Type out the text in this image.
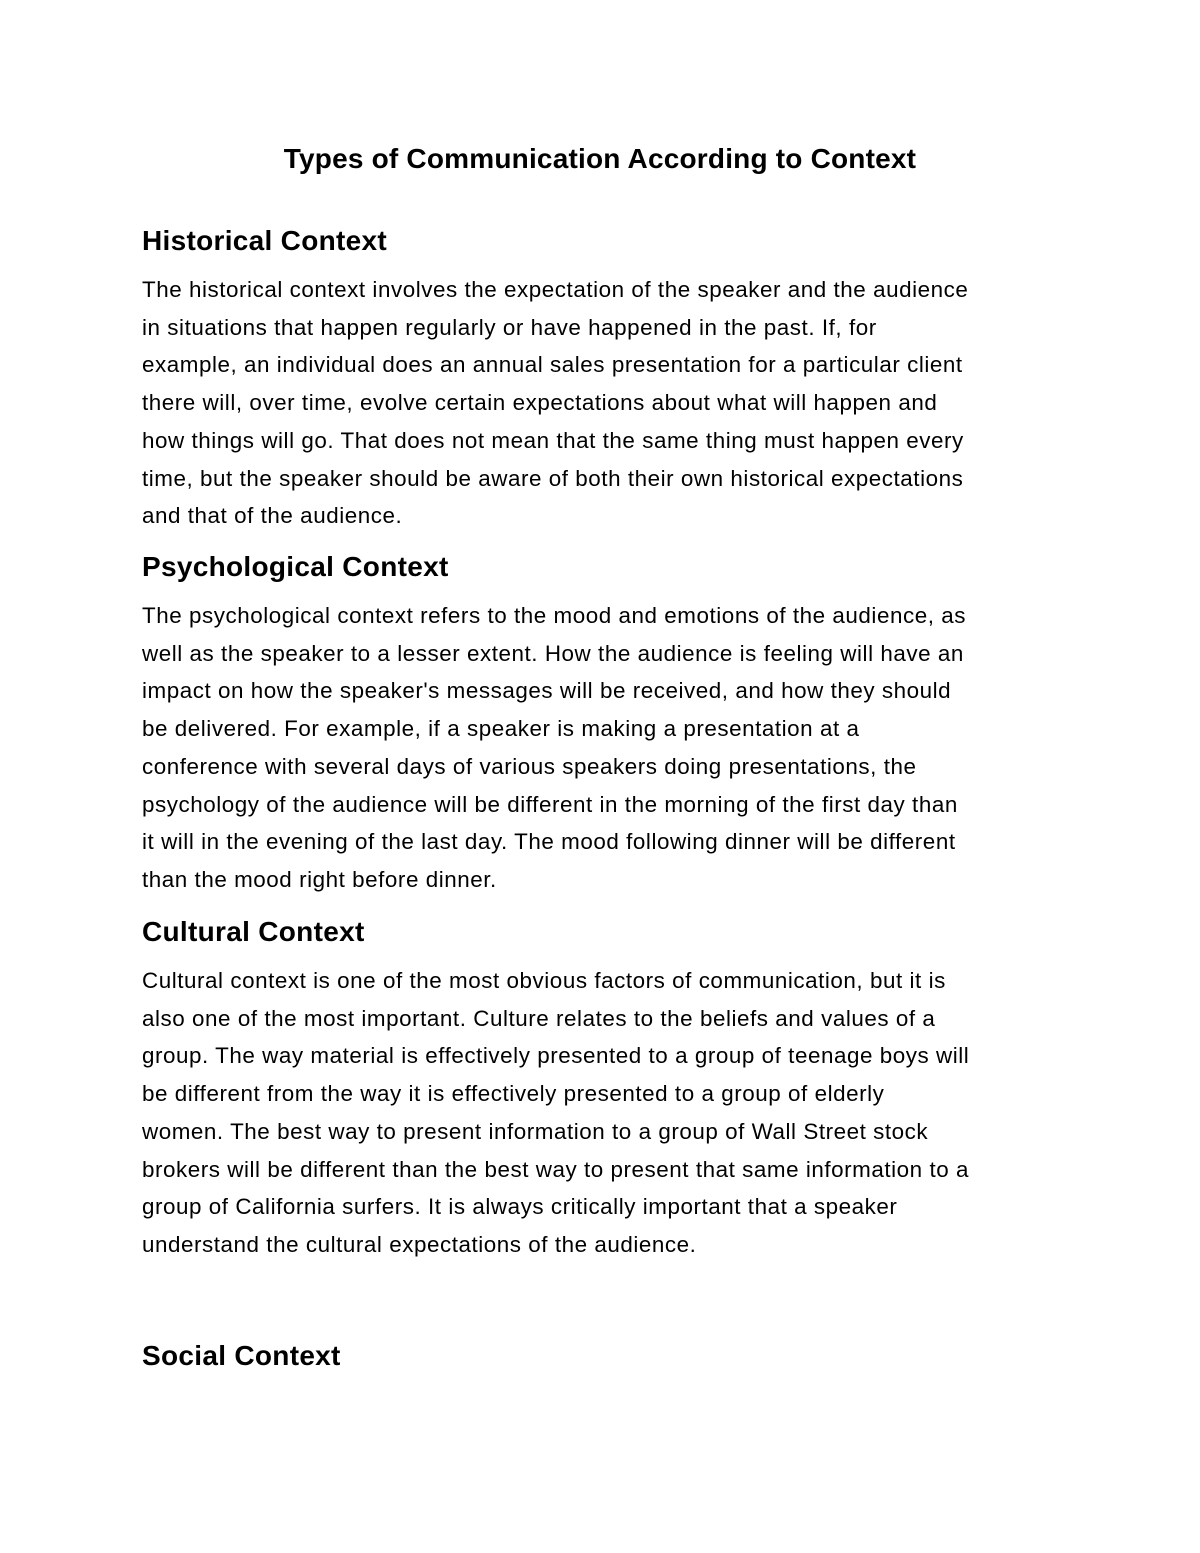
Types of Communication According to Context
Historical Context

The historical context involves the expectation of the speaker and the audience
in situations that happen regularly or have happened in the past. If, for
example, an individual does an annual sales presentation for a particular client
there will, over time, evolve certain expectations about what will happen and
how things will go. That does not mean that the same thing must happen every
time, but the speaker should be aware of both their own historical expectations
and that of the audience.

Psychological Context

The psychological context refers to the mood and emotions of the audience, as
well as the speaker to a lesser extent. How the audience is feeling will have an
impact on how the speaker's messages will be received, and how they should
be delivered. For example, if a speaker is making a presentation at a
conference with several days of various speakers doing presentations, the
psychology of the audience will be different in the morning of the first day than
it will in the evening of the last day. The mood following dinner will be different
than the mood right before dinner.

Cultural Context

Cultural context is one of the most obvious factors of communication, but it is
also one of the most important. Culture relates to the beliefs and values of a
group. The way material is effectively presented to a group of teenage boys will
be different from the way it is effectively presented to a group of elderly
women. The best way to present information to a group of Wall Street stock
brokers will be different than the best way to present that same information to a
group of California surfers. It is always critically important that a speaker
understand the cultural expectations of the audience.

Social Context
